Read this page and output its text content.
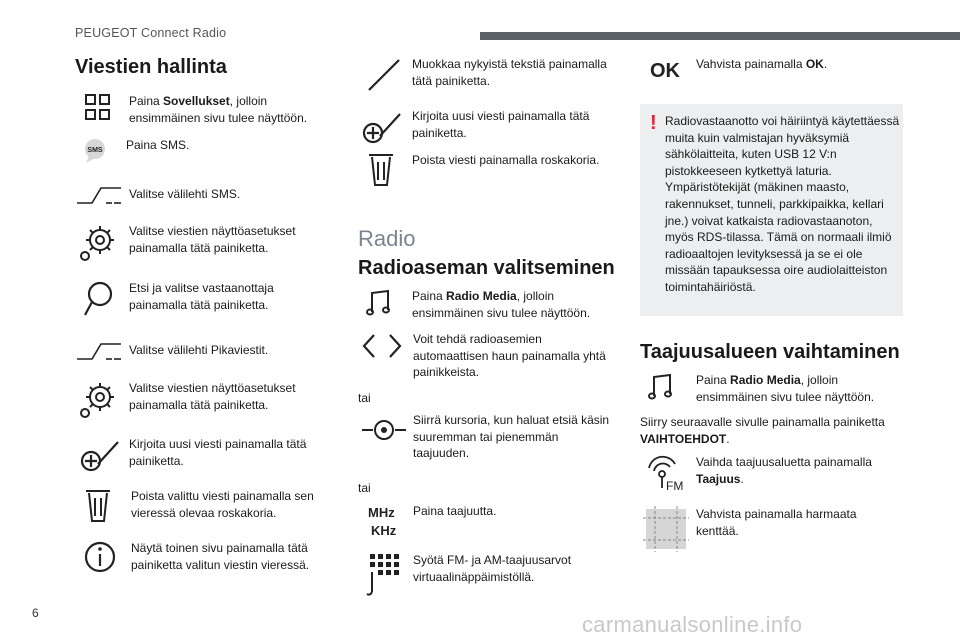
PEUGEOT Connect Radio
6	carmanualsonline.info
Viestien hallinta
Paina Sovellukset, jolloin ensimmäinen sivu tulee näyttöön.
SMS Paina SMS.
Valitse välilehti SMS.
Valitse viestien näyttöasetukset painamalla tätä painiketta.
Etsi ja valitse vastaanottaja painamalla tätä painiketta.
Valitse välilehti Pikaviestit.
Valitse viestien näyttöasetukset painamalla tätä painiketta.
Kirjoita uusi viesti painamalla tätä painiketta.
Poista valittu viesti painamalla sen vieressä olevaa roskakoria.
Näytä toinen sivu painamalla tätä painiketta valitun viestin vieressä.
Muokkaa nykyistä tekstiä painamalla tätä painiketta.
Kirjoita uusi viesti painamalla tätä painiketta.
Poista viesti painamalla roskakoria.
Radio
Radioaseman valitseminen
Paina Radio Media, jolloin ensimmäinen sivu tulee näyttöön.
Voit tehdä radioasemien automaattisen haun painamalla yhtä painikkeista.
tai
Siirrä kursoria, kun haluat etsiä käsin suuremman tai pienemmän taajuuden.
tai
MHz
KHz
Paina taajuutta.
Syötä FM- ja AM-taajuusarvot virtuaalinäppäimistöllä.
OK Vahvista painamalla OK.
! Radiovastaanotto voi häiriintyä käytettäessä muita kuin valmistajan hyväksymiä sähkölaitteita, kuten USB 12 V:n pistokkeeseen kytkettyä laturia. Ympäristötekijät (mäkinen maasto, rakennukset, tunneli, parkkipaikka, kellari jne.) voivat katkaista radiovastaanoton, myös RDS-tilassa. Tämä on normaali ilmiö radioaaltojen levityksessä ja se ei ole missään tapauksessa oire audiolaitteiston toimintahäiriöstä.
Taajuusalueen vaihtaminen
Paina Radio Media, jolloin ensimmäinen sivu tulee näyttöön.
Siirry seuraavalle sivulle painamalla painiketta VAIHTOEHDOT.
FM
Vaihda taajuusaluetta painamalla Taajuus.
Vahvista painamalla harmaata kenttää.
